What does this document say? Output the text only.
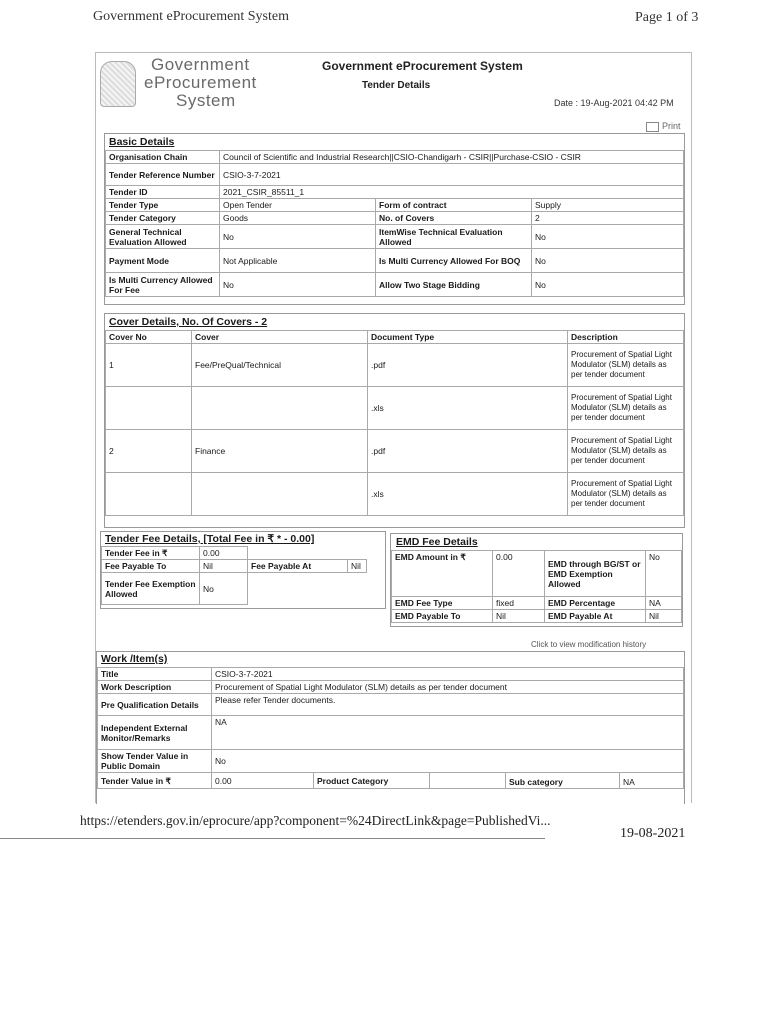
Government eProcurement System	Page 1 of 3
Government
eProcurement
System
Government eProcurement System
Tender Details
Date : 19-Aug-2021 04:42 PM
Print
Basic Details
Organisation Chain	Council of Scientific and Industrial Research||CSIO-Chandigarh - CSIR||Purchase-CSIO - CSIR		
Tender Reference Number	CSIO-3-7-2021		
Tender ID	2021_CSIR_85511_1		
Tender Type	Open Tender	Form of contract	Supply
Tender Category	Goods	No. of Covers	2
General Technical Evaluation Allowed	No	ItemWise Technical Evaluation Allowed	No
Payment Mode	Not Applicable	Is Multi Currency Allowed For BOQ	No
Is Multi Currency Allowed For Fee	No	Allow Two Stage Bidding	No
Cover Details, No. Of Covers - 2
Cover No	Cover	Document Type	Description
1	Fee/PreQual/Technical	.pdf	Procurement of Spatial Light Modulator (SLM) details as per tender document
		.xls	Procurement of Spatial Light Modulator (SLM) details as per tender document
2	Finance	.pdf	Procurement of Spatial Light Modulator (SLM) details as per tender document
		.xls	Procurement of Spatial Light Modulator (SLM) details as per tender document
Tender Fee Details, [Total Fee in ₹ * - 0.00]
Tender Fee in ₹	0.00		
Fee Payable To	Nil	Fee Payable At	Nil
Tender Fee Exemption Allowed	No		
EMD Fee Details
EMD Amount in ₹	0.00	EMD through BG/ST or EMD Exemption Allowed	No
EMD Fee Type	fixed	EMD Percentage	NA
EMD Payable To	Nil	EMD Payable At	Nil
Click to view modification history
Work /Item(s)
Title	CSIO-3-7-2021				
Work Description	Procurement of Spatial Light Modulator (SLM) details as per tender document				
Pre Qualification Details	Please refer Tender documents.				
Independent External Monitor/Remarks	NA				
Show Tender Value in Public Domain	No				
Tender Value in ₹	0.00	Product Category		Sub category	NA
https://etenders.gov.in/eprocure/app?component=%24DirectLink&page=PublishedVi...
19-08-2021
